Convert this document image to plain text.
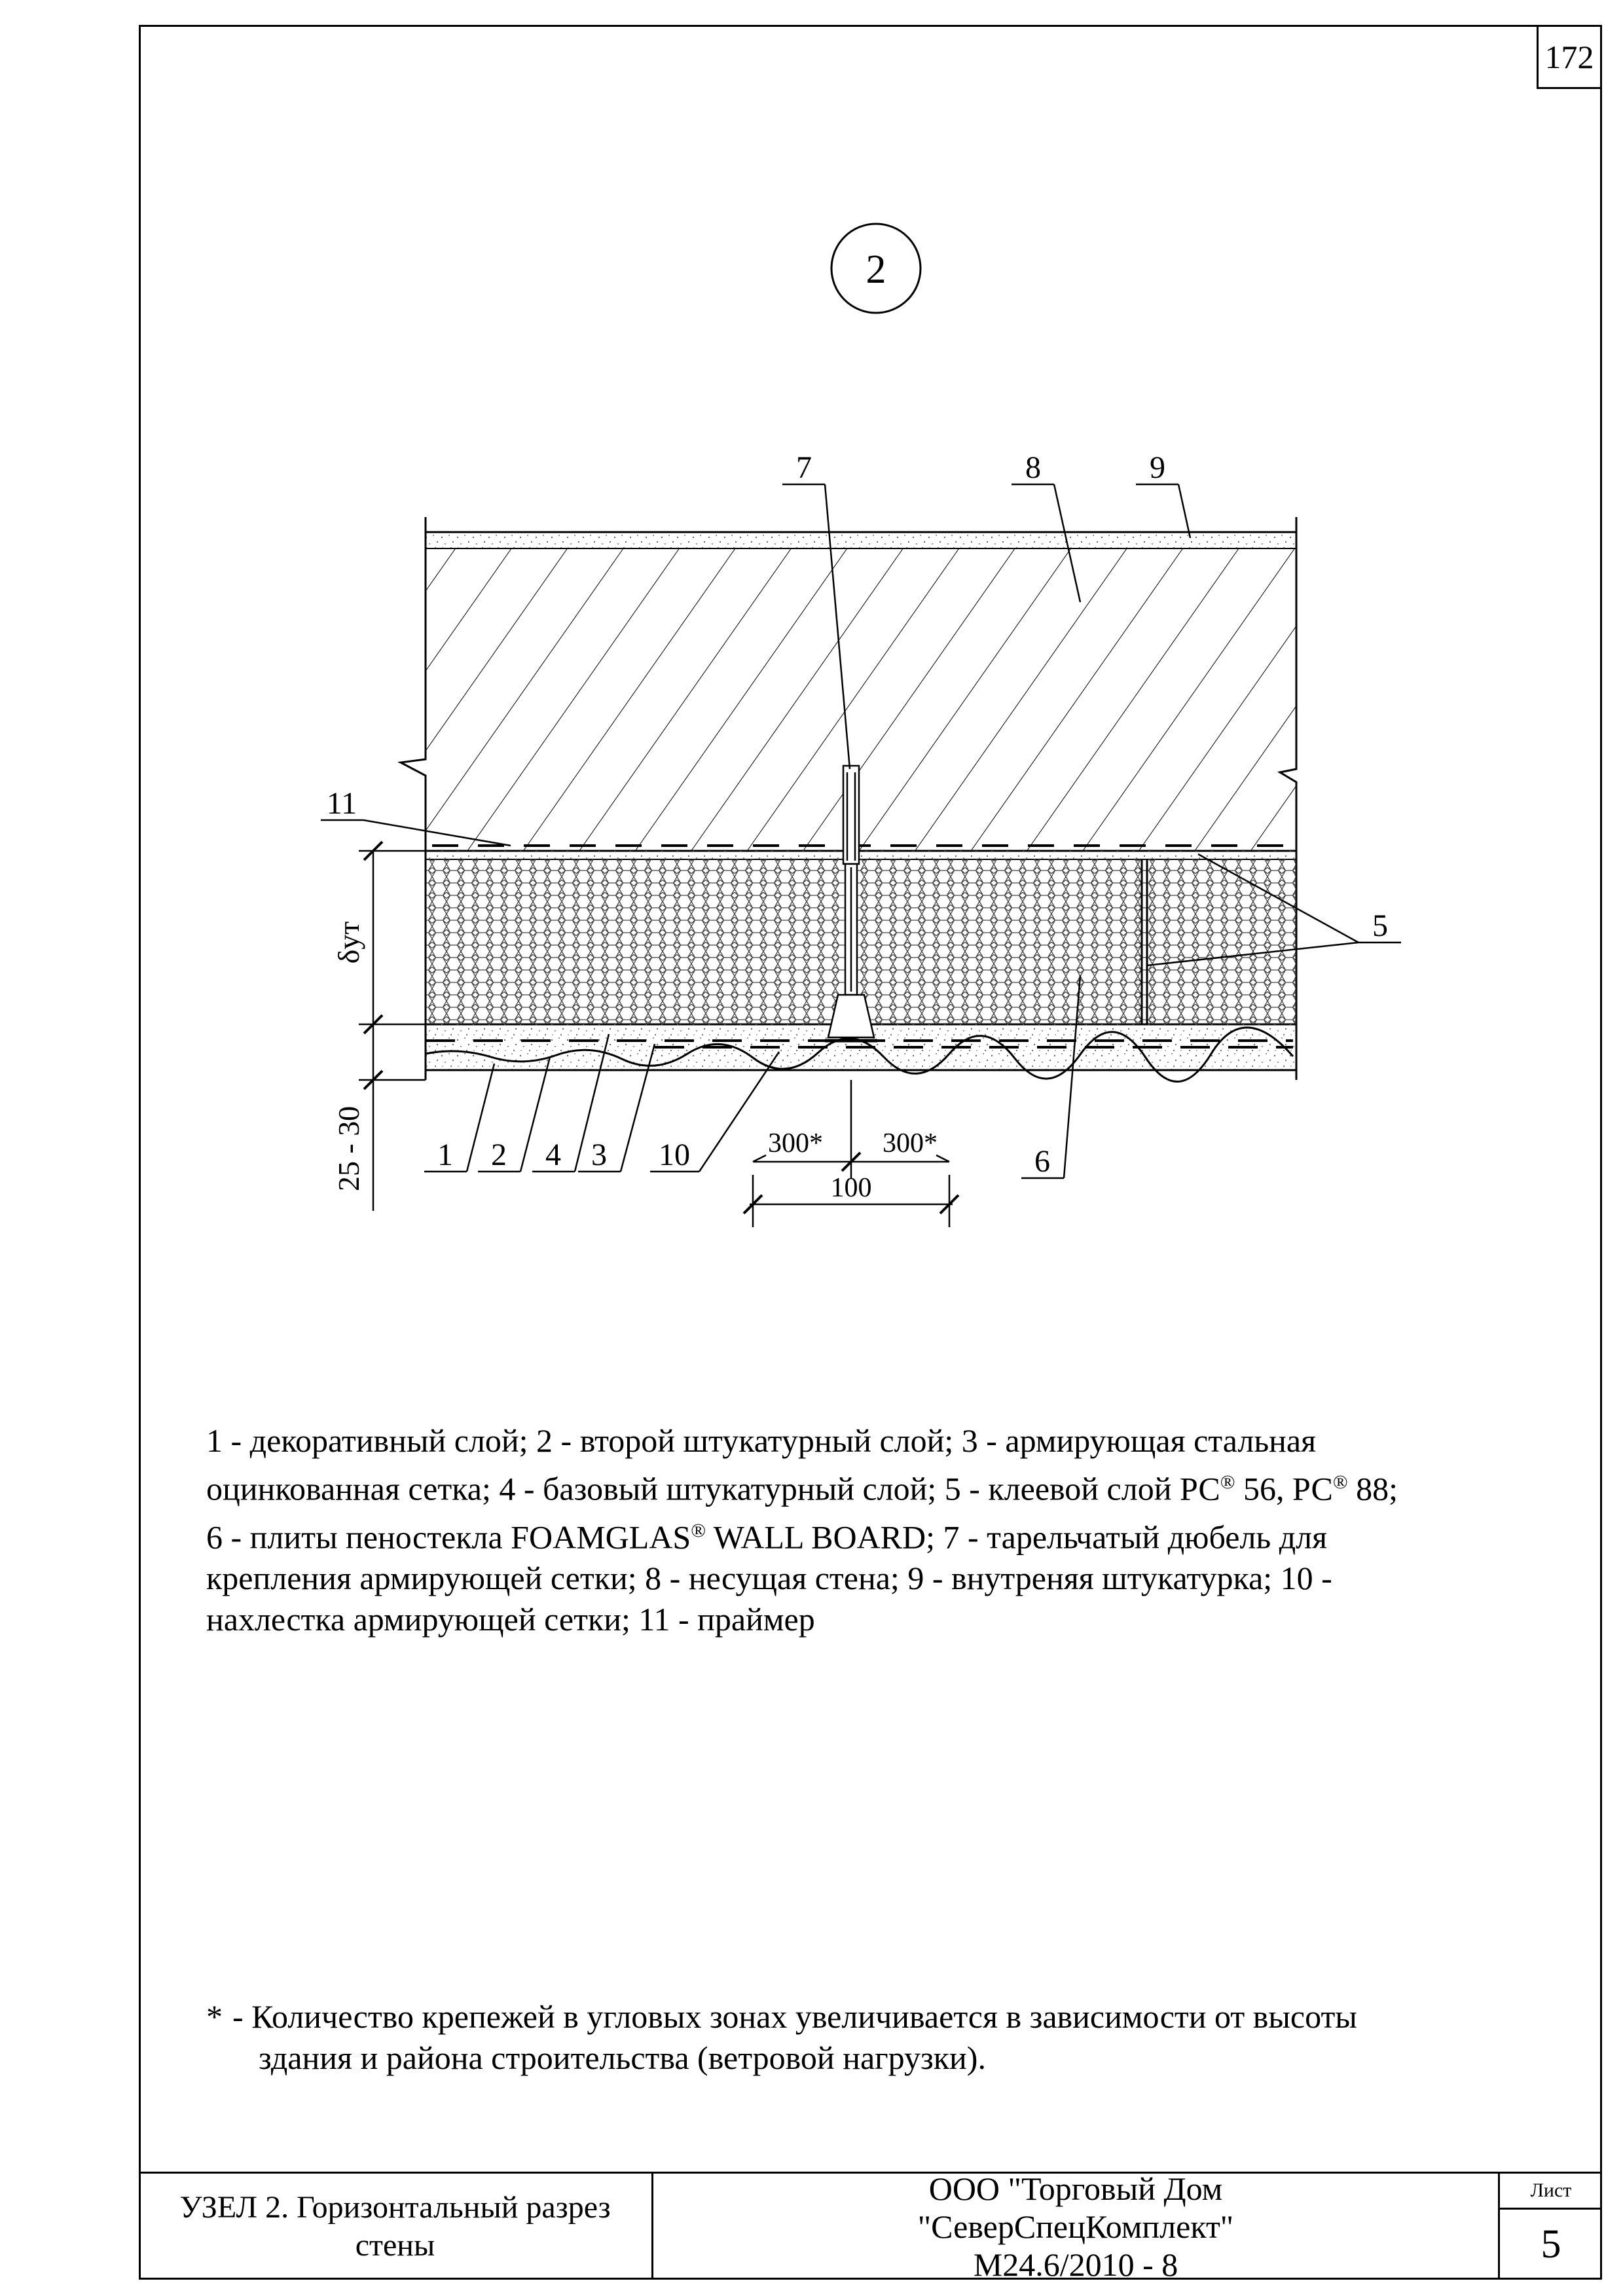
172
2
7	8	9
11
5
6
1 2 4 3 10
δут
25 - 30	300* 300*
100

1 - декоративный слой; 2 - второй штукатурный слой; 3 - армирующая стальная

оцинкованная сетка; 4 - базовый штукатурный слой; 5 - клеевой слой РС® 56, РС® 88;

6 - плиты пеностекла FOAMGLAS® WALL BOARD; 7 - тарельчатый дюбель для

крепления армирующей сетки; 8 - несущая стена; 9 - внутреняя штукатурка; 10 -

нахлестка армирующей сетки; 11 - праймер

* - Количество крепежей в угловых зонах увеличивается в зависимости от высоты
здания и района строительства (ветровой нагрузки).
УЗЕЛ 2. Горизонтальный разрез
стены
ООО "Торговый Дом
"СеверСпецКомплект"
М24.6/2010 - 8
Лист
5
